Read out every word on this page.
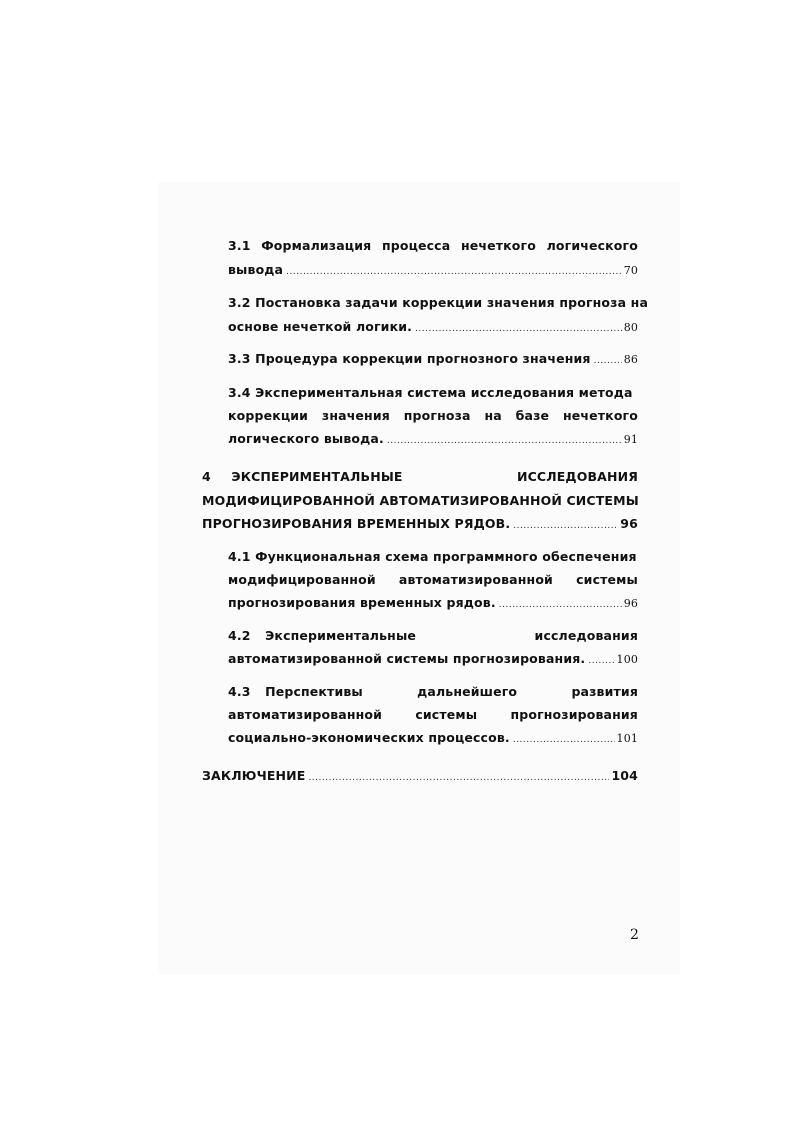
3.1 Формализация процесса нечеткого логического
вывода .....	70
3.2 Постановка задачи коррекции значения прогноза на
основе нечеткой логики. .....	80
3.3 Процедура коррекции прогнозного значения .....	86
3.4 Экспериментальная система исследования метода
коррекции значения прогноза на базе нечеткого
логического вывода. .....	91
4 ЭКСПЕРИМЕНТАЛЬНЫЕ	ИССЛЕДОВАНИЯ
МОДИФИЦИРОВАННОЙ АВТОМАТИЗИРОВАННОЙ СИСТЕМЫ
ПРОГНОЗИРОВАНИЯ ВРЕМЕННЫХ РЯДОВ. .....	96
4.1 Функциональная схема программного обеспечения
модифицированной автоматизированной системы
прогнозирования временных рядов. .....	96
4.2 Экспериментальные	исследования
автоматизированной системы прогнозирования. .....	100
4.3 Перспективы	дальнейшего	развития
автоматизированной	системы	прогнозирования
социально-экономических процессов. .....	101
ЗАКЛЮЧЕНИЕ .....	104
2
